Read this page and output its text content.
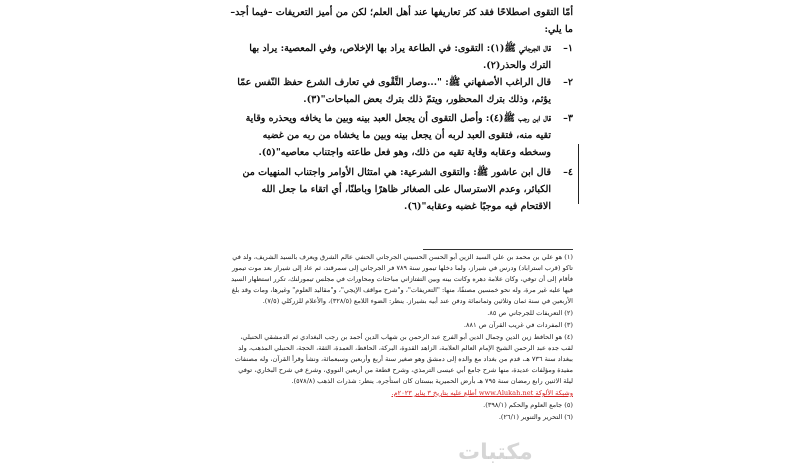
أمّا التقوى اصطلاحًا فقد كثر تعاريفها عند أهل العلم؛ لكن من أميز التعريفات –فيما أجد– ما يلي:
١–
قال الجرجاني ﷺ(١): التقوى: في الطاعة يراد بها الإخلاص، وفي المعصية: يراد بها الترك والحذر(٢).
٢–
قال الراغب الأصفهاني ﷺ: "...وصار التَّقْوى في تعارف الشرع حفظ النّفس عمّا يؤثم، وذلك بترك المحظور، ويتمّ ذلك بترك بعض المباحات"(٣).
٣–
قال ابن رجب ﷺ(٤): وأصل التقوى أن يجعل العبد بينه وبين ما يخافه ويحذره وقاية تقيه منه، فتقوى العبد لربه أن يجعل بينه وبين ما يخشاه من ربه من غضبه وسخطه وعقابه وقاية تقيه من ذلك، وهو فعل طاعته واجتناب معاصيه"(٥).
٤–
قال ابن عاشور ﷺ: والتقوى الشرعية: هي امتثال الأوامر واجتناب المنهيات من الكبائر، وعدم الاسترسال على الصغائر ظاهرًا وباطنًا، أي اتقاء ما جعل الله الاقتحام فيه موجبًا غضبه وعقابه"(٦).

(١) هو علي بن محمد بن علي السيد الزين أبو الحسن الحسيني الجرجاني الحنفي عالم الشرق ويعرف بالسيد الشريف، ولد في تاكو (قرب استراباد) ودرس في شيراز، ولما دخلها تيمور سنة ٧٨٩ فر الجرجاني إلى سمرقند، ثم عاد إلى شيراز بعد موت تيمور فأقام إلى أن توفي، وكان علامة دهره وكانت بينه وبين التفتازاني مباحثات ومحاورات في مجلس تيمورلنك، تكرر استظهار السيد فيها عليه غير مرة، وله نحو خمسين مصنفًا، منها: "التعريفات"، و"شرح مواقف الإيجي"، و"مقاليد العلوم" وغيرها، ومات وقد بلغ الأربعين في سنة ثمان وثلاثين وثمانمائة ودفن عند أبيه بشيراز. ينظر: الضوء اللامع (٣٢٨/٥)، والأعلام للزركلي (٧/٥).

(٢) التعريفات للجرجاني ص ٨٥.

(٣) المفردات في غريب القرآن ص ٨٨١.

(٤) هو الحافظ زين الدين وجمال الدين أبو الفرج عبد الرحمن بن شهاب الدين أحمد بن رجب البغدادي ثم الدمشقي الحنبلي، لقب جده عبد الرحمن الشيخ الإمام العالم العلامة، الزاهد القدوة، البركة، الحافظ، العمدة، الثقة، الحجة، الحنبلي المذهب، ولد ببغداد سنة ٧٣٦ هـ، قدم من بغداد مع والده إلى دمشق وهو صغير سنة أربع وأربعين وسبعمائة، ونشأ وقرأ القرآن، وله مصنفات مفيدة ومؤلفات عديدة، منها شرح جامع أبي عيسى الترمذي، وشرح قطعة من أربعين النووي، وشرع في شرح البخاري، توفي ليلة الاثنين رابع رمضان سنة ٧٩٥ هـ بأرض الحميرية ببستان كان استأجره. ينظر: شذرات الذهب (٥٧٨/٨).

وشبكة الألوكة www.Alukah.net أطلع عليه بتاريخ ٣ يناير ٢٠٢٣م.

(٥) جامع العلوم والحكم (٣٩٨/١).

(٦) التحرير والتنوير (٢٦/١).

مكتبات
